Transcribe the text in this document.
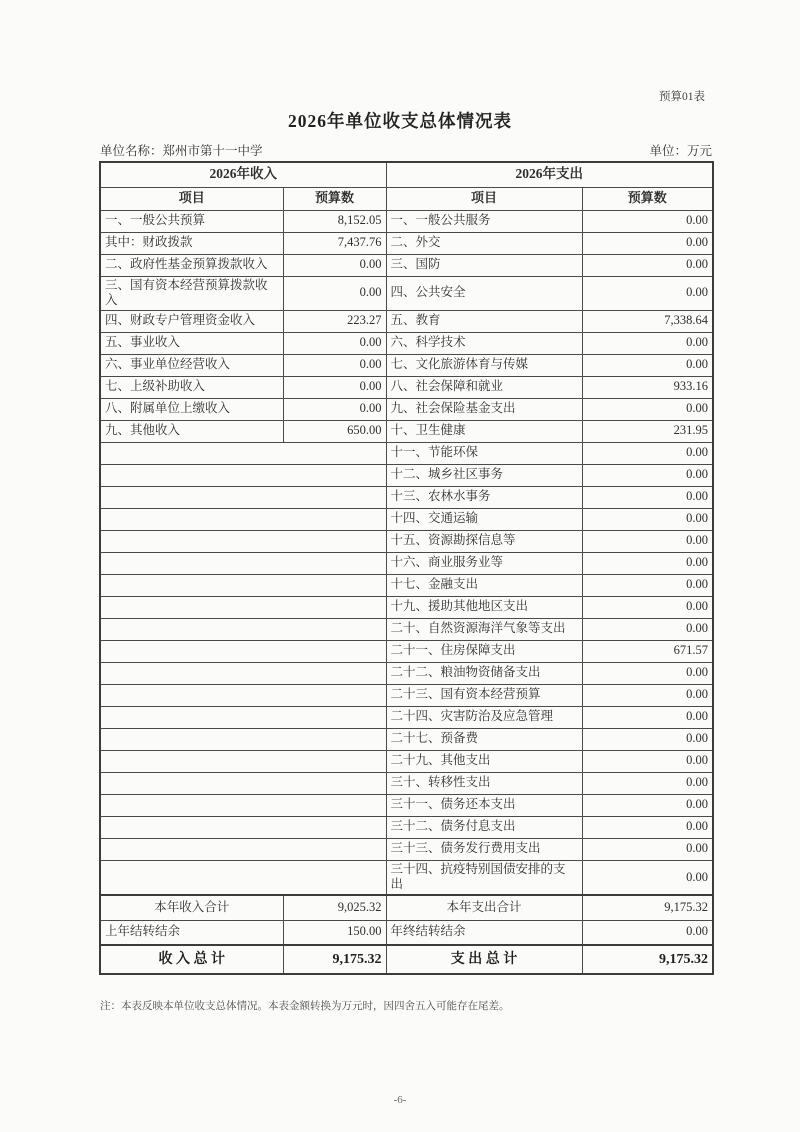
预算01表
2026年单位收支总体情况表
单位名称：郑州市第十一中学	单位：万元
2026年收入		2026年支出	
项目	预算数	项目	预算数
一、一般公共预算	8,152.05	一、一般公共服务	0.00
其中：财政拨款	7,437.76	二、外交	0.00
二、政府性基金预算拨款收入	0.00	三、国防	0.00
三、国有资本经营预算拨款收入	0.00	四、公共安全	0.00
四、财政专户管理资金收入	223.27	五、教育	7,338.64
五、事业收入	0.00	六、科学技术	0.00
六、事业单位经营收入	0.00	七、文化旅游体育与传媒	0.00
七、上级补助收入	0.00	八、社会保障和就业	933.16
八、附属单位上缴收入	0.00	九、社会保险基金支出	0.00
九、其他收入	650.00	十、卫生健康	231.95
		十一、节能环保	0.00
		十二、城乡社区事务	0.00
		十三、农林水事务	0.00
		十四、交通运输	0.00
		十五、资源勘探信息等	0.00
		十六、商业服务业等	0.00
		十七、金融支出	0.00
		十九、援助其他地区支出	0.00
		二十、自然资源海洋气象等支出	0.00
		二十一、住房保障支出	671.57
		二十二、粮油物资储备支出	0.00
		二十三、国有资本经营预算	0.00
		二十四、灾害防治及应急管理	0.00
		二十七、预备费	0.00
		二十九、其他支出	0.00
		三十、转移性支出	0.00
		三十一、债务还本支出	0.00
		三十二、债务付息支出	0.00
		三十三、债务发行费用支出	0.00
		三十四、抗疫特别国债安排的支出	0.00
本年收入合计	9,025.32	本年支出合计	9,175.32
上年结转结余	150.00	年终结转结余	0.00
收 入 总 计	9,175.32	支 出 总 计	9,175.32
注：本表反映本单位收支总体情况。本表金额转换为万元时，因四舍五入可能存在尾差。
-6-
